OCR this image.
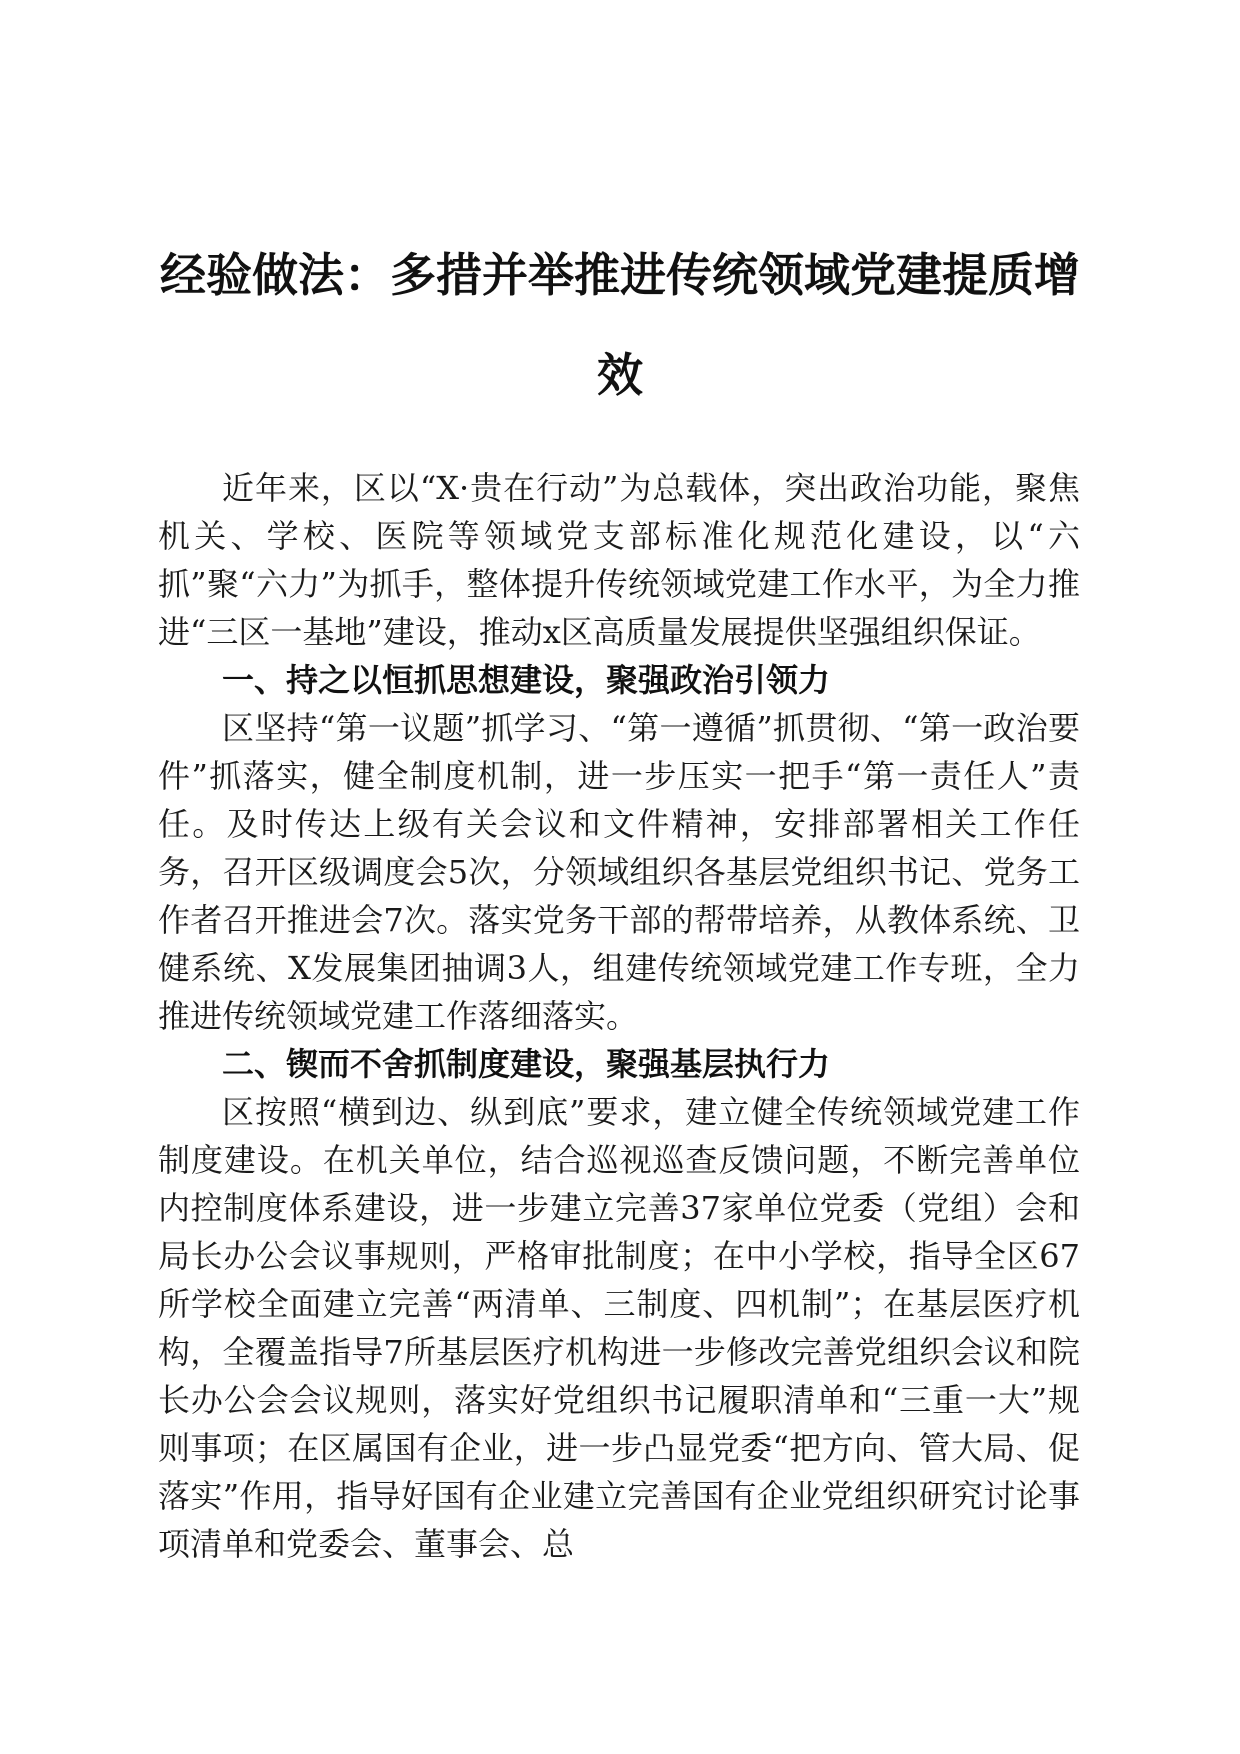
经验做法：多措并举推进传统领域党建提质增效

近年来，区以“X·贵在行动”为总载体，突出政治功能，聚焦机关、学校、医院等领域党支部标准化规范化建设，以“六抓”聚“六力”为抓手，整体提升传统领域党建工作水平，为全力推进“三区一基地”建设，推动x区高质量发展提供坚强组织保证。

一、持之以恒抓思想建设，聚强政治引领力

区坚持“第一议题”抓学习、“第一遵循”抓贯彻、“第一政治要件”抓落实，健全制度机制，进一步压实一把手“第一责任人”责任。及时传达上级有关会议和文件精神，安排部署相关工作任务，召开区级调度会5次，分领域组织各基层党组织书记、党务工作者召开推进会7次。落实党务干部的帮带培养，从教体系统、卫健系统、X发展集团抽调3人，组建传统领域党建工作专班，全力推进传统领域党建工作落细落实。

二、锲而不舍抓制度建设，聚强基层执行力

区按照“横到边、纵到底”要求，建立健全传统领域党建工作制度建设。在机关单位，结合巡视巡查反馈问题，不断完善单位内控制度体系建设，进一步建立完善37家单位党委（党组）会和局长办公会议事规则，严格审批制度；在中小学校，指导全区67所学校全面建立完善“两清单、三制度、四机制”；在基层医疗机构，全覆盖指导7所基层医疗机构进一步修改完善党组织会议和院长办公会会议规则，落实好党组织书记履职清单和“三重一大”规则事项；在区属国有企业，进一步凸显党委“把方向、管大局、促落实”作用，指导好国有企业建立完善国有企业党组织研究讨论事项清单和党委会、董事会、总
